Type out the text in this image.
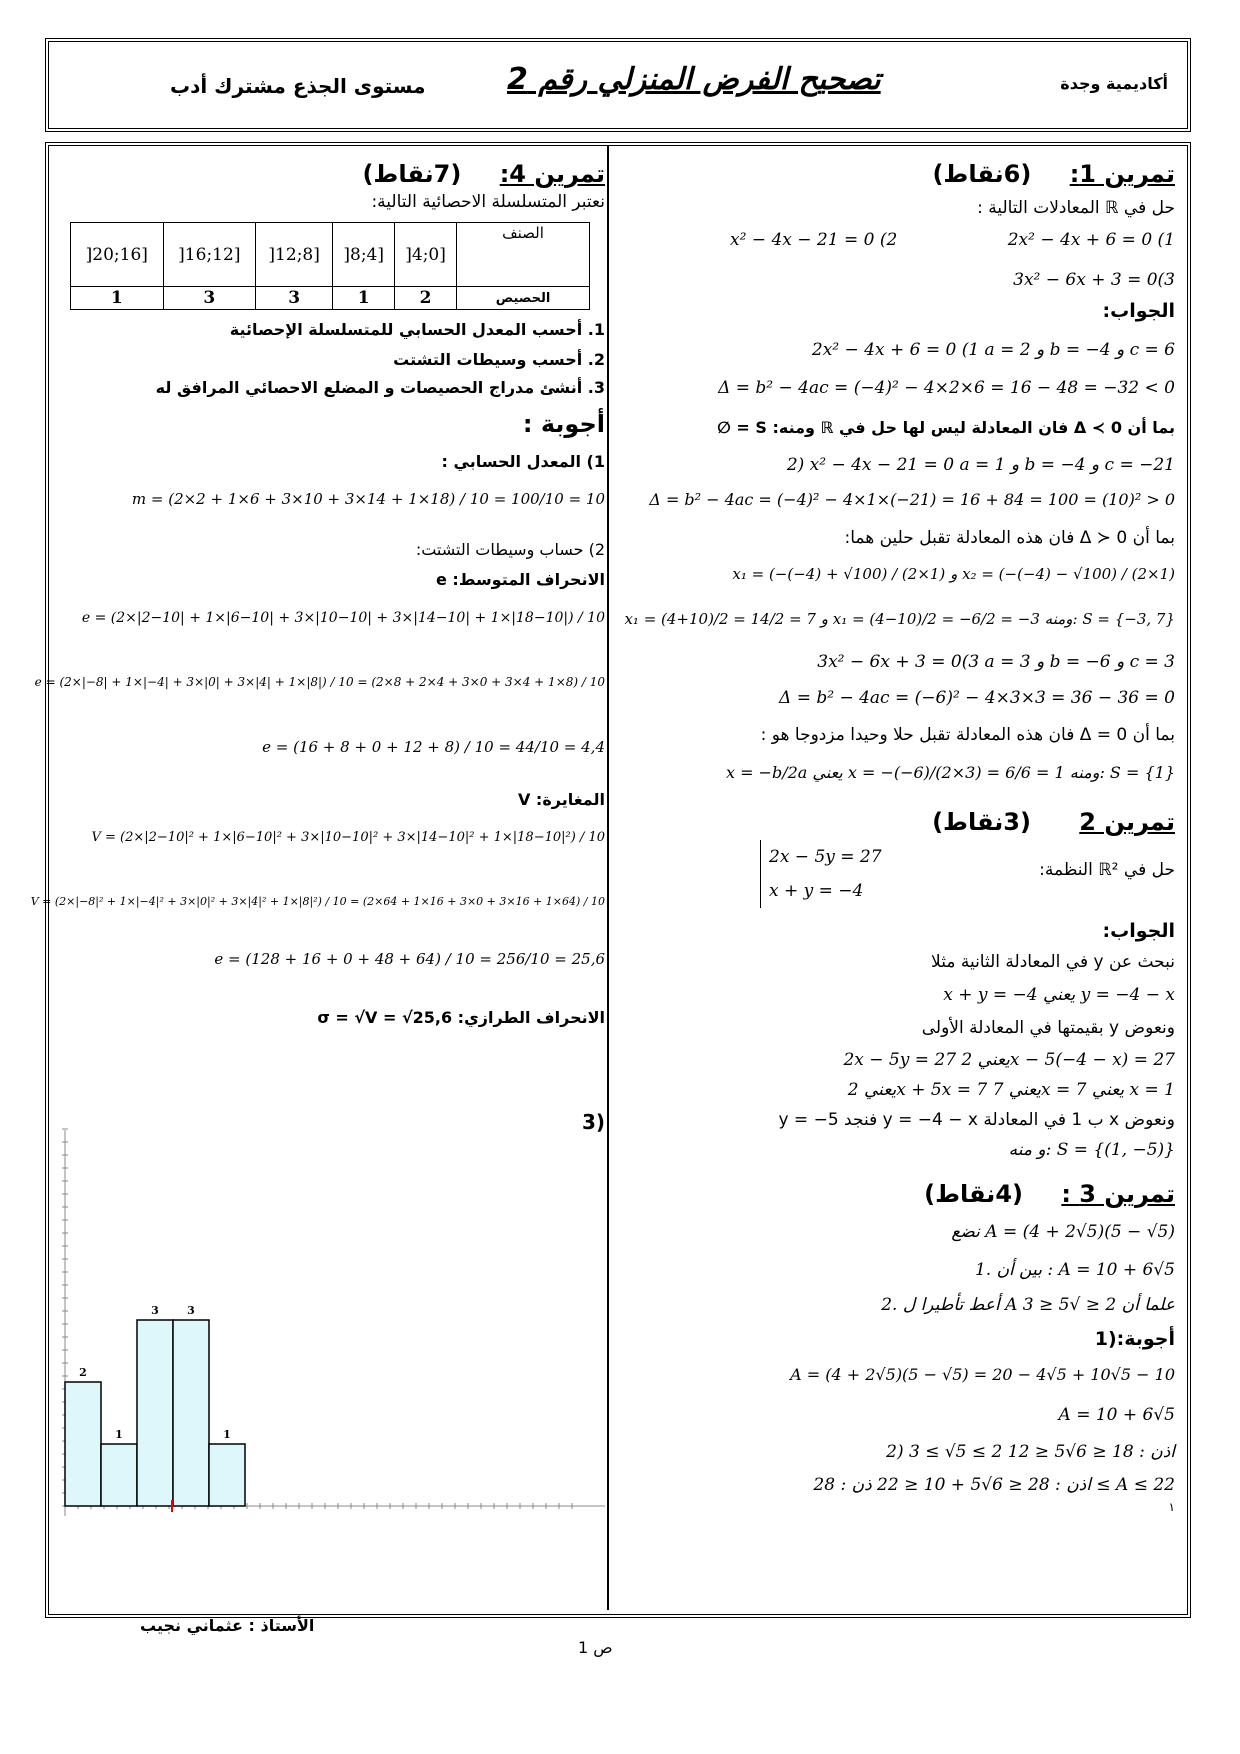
أكاديمية وجدة
تصحيح الفرض المنزلي رقم 2
مستوى الجذع مشترك أدب
تمرين 1: (6نقاط)
حل في ℝ المعادلات التالية :
2x² − 4x + 6 = 0 (1
x² − 4x − 21 = 0 (2
3x² − 6x + 3 = 0(3
الجواب:
2x² − 4x + 6 = 0 (1 a = 2 و b = −4 و c = 6
Δ = b² − 4ac = (−4)² − 4×2×6 = 16 − 48 = −32 < 0
بما أن Δ ≺ 0 فان المعادلة ليس لها حل في ℝ ومنه: S = ∅
2) x² − 4x − 21 = 0 a = 1 و b = −4 و c = −21
Δ = b² − 4ac = (−4)² − 4×1×(−21) = 16 + 84 = 100 = (10)² > 0
بما أن Δ ≻ 0 فان هذه المعادلة تقبل حلين هما:
x₁ = (−(−4) + √100) / (2×1) و x₂ = (−(−4) − √100) / (2×1)
x₁ = (4+10)/2 = 14/2 = 7 و x₁ = (4−10)/2 = −6/2 = −3 ومنه: S = {−3, 7}
3x² − 6x + 3 = 0(3 a = 3 و b = −6 و c = 3
Δ = b² − 4ac = (−6)² − 4×3×3 = 36 − 36 = 0
بما أن Δ = 0 فان هذه المعادلة تقبل حلا وحيدا مزدوجا هو :
x = −b/2a يعني x = −(−6)/(2×3) = 6/6 = 1 ومنه: S = {1}
تمرين 2 (3نقاط)
حل في ℝ² النظمة:
2x − 5y = 27
x + y = −4
الجواب:
نبحث عن y في المعادلة الثانية مثلا
x + y = −4 يعني y = −4 − x
ونعوض y بقيمتها في المعادلة الأولى
2x − 5y = 27 يعني 2x − 5(−4 − x) = 27
يعني 2x + 5x = 7 يعني 7x = 7 يعني x = 1
ونعوض x ب 1 في المعادلة y = −4 − x فنجد y = −5
و منه: S = {(1, −5)}
تمرين 3 : (4نقاط)
نضع A = (4 + 2√5)(5 − √5)
1. بين أن : A = 10 + 6√5
2. أعط تأطيرا ل A علما أن 2 ≤ √5 ≤ 3
أجوبة:(1
A = (4 + 2√5)(5 − √5) = 20 − 4√5 + 10√5 − 10
A = 10 + 6√5
2) 3 ≤ √5 ≤ 2 اذن : 18 ≤ 6√5 ≤ 12
اذن : 28 ≤ 6√5 + 10 ≤ 22 ذن : 28 ≤ A ≤ 22
١
تمرين 4: (7نقاط)
نعتبر المتسلسلة الاحصائية التالية:
الصنف	[0;4[	[4;8[	[8;12[	[12;16[	[16;20[
الحصيص	2	1	3	3	1
1. أحسب المعدل الحسابي للمتسلسلة الإحصائية
2. أحسب وسيطات التشتت
3. أنشئ مدراج الحصيصات و المضلع الاحصائي المرافق له
أجوبة :
1) المعدل الحسابي :
m = (2×2 + 1×6 + 3×10 + 3×14 + 1×18) / 10 = 100/10 = 10
2) حساب وسيطات التشتت:
الانحراف المتوسط: e
e = (2×|2−10| + 1×|6−10| + 3×|10−10| + 3×|14−10| + 1×|18−10|) / 10
e = (2×|−8| + 1×|−4| + 3×|0| + 3×|4| + 1×|8|) / 10 = (2×8 + 2×4 + 3×0 + 3×4 + 1×8) / 10
e = (16 + 8 + 0 + 12 + 8) / 10 = 44/10 = 4,4
المغايرة: V
V = (2×|2−10|² + 1×|6−10|² + 3×|10−10|² + 3×|14−10|² + 1×|18−10|²) / 10
V = (2×|−8|² + 1×|−4|² + 3×|0|² + 3×|4|² + 1×|8|²) / 10 = (2×64 + 1×16 + 3×0 + 3×16 + 1×64) / 10
e = (128 + 16 + 0 + 48 + 64) / 10 = 256/10 = 25,6
الانحراف الطرازي: σ = √V = √25,6
(3
2
1
3	3
1
الأستاذ : عثماني نجيب
ص 1
